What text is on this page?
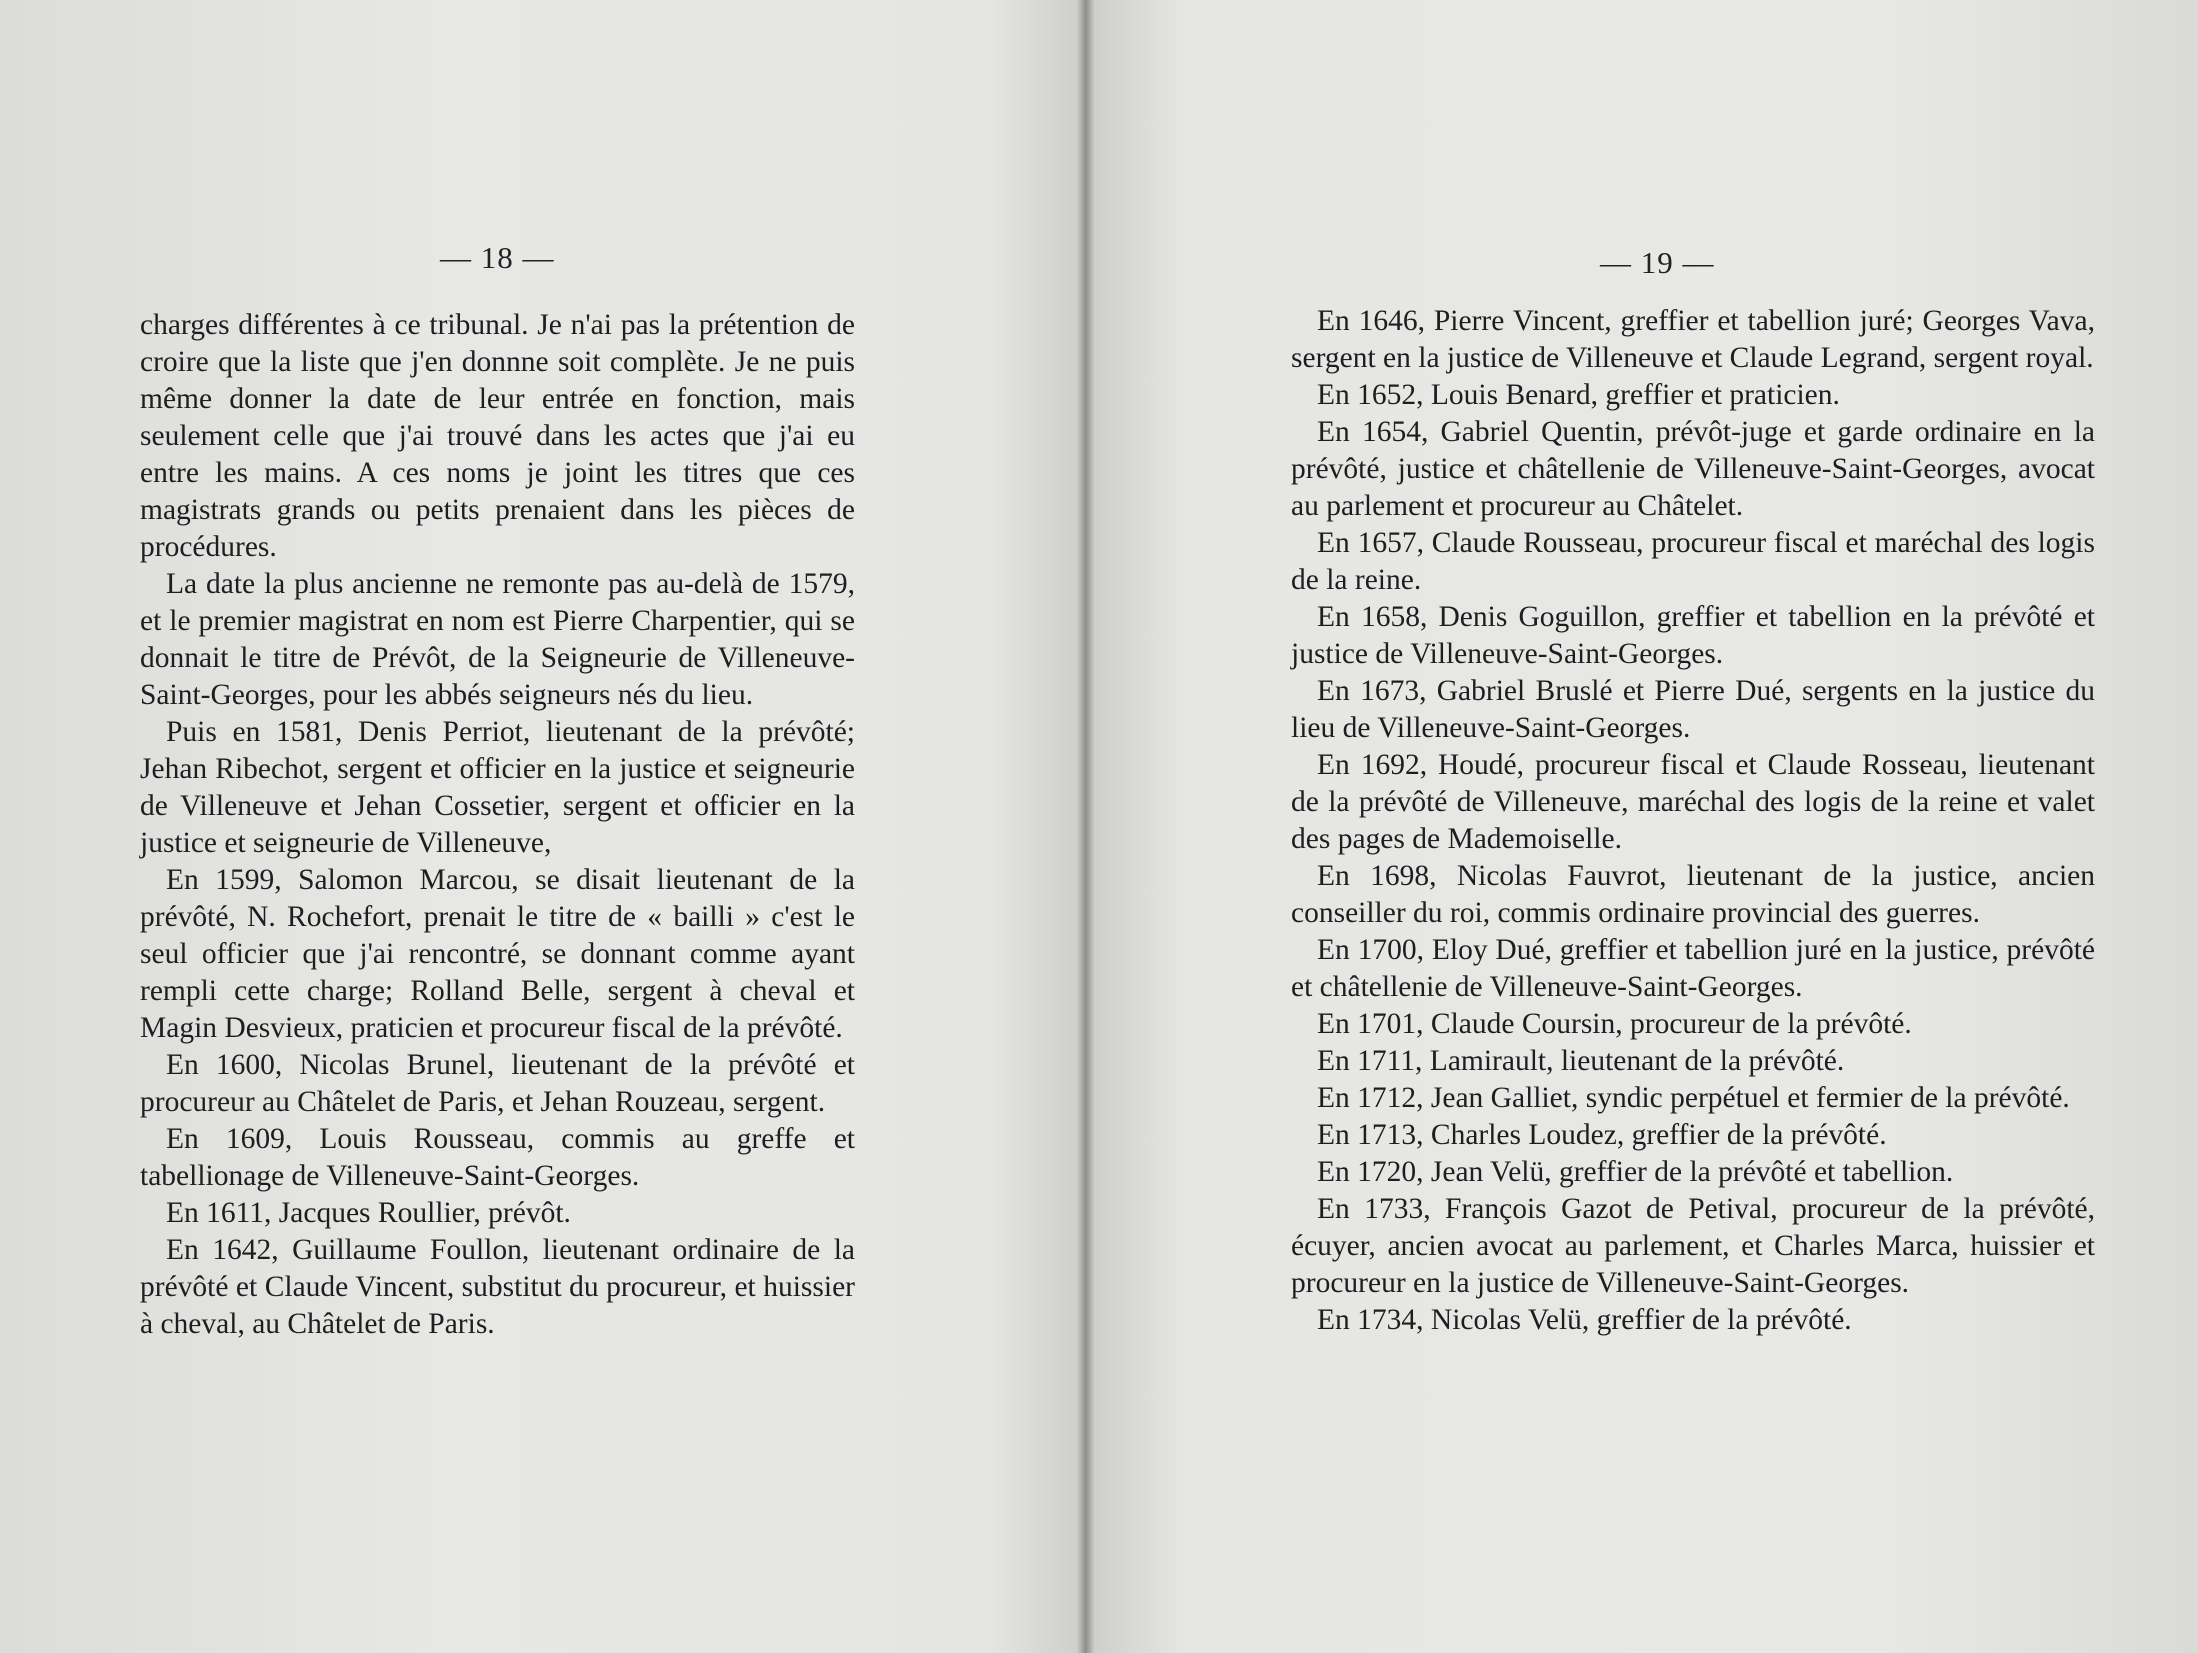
— 18 —

charges différentes à ce tribunal. Je n'ai pas la prétention de croire que la liste que j'en donnne soit complète. Je ne puis même donner la date de leur entrée en fonction, mais seulement celle que j'ai trouvé dans les actes que j'ai eu entre les mains. A ces noms je joint les titres que ces magistrats grands ou petits prenaient dans les pièces de procédures.

La date la plus ancienne ne remonte pas au-delà de 1579, et le premier magistrat en nom est Pierre Charpentier, qui se donnait le titre de Prévôt, de la Seigneurie de Villeneuve-Saint-Georges, pour les abbés seigneurs nés du lieu.

Puis en 1581, Denis Perriot, lieutenant de la prévôté; Jehan Ribechot, sergent et officier en la justice et seigneurie de Villeneuve et Jehan Cossetier, sergent et officier en la justice et seigneurie de Villeneuve,

En 1599, Salomon Marcou, se disait lieutenant de la prévôté, N. Rochefort, prenait le titre de « bailli » c'est le seul officier que j'ai rencontré, se donnant comme ayant rempli cette charge; Rolland Belle, sergent à cheval et Magin Desvieux, praticien et procureur fiscal de la prévôté.

En 1600, Nicolas Brunel, lieutenant de la prévôté et procureur au Châtelet de Paris, et Jehan Rouzeau, sergent.

En 1609, Louis Rousseau, commis au greffe et tabellionage de Villeneuve-Saint-Georges.

En 1611, Jacques Roullier, prévôt.

En 1642, Guillaume Foullon, lieutenant ordinaire de la prévôté et Claude Vincent, substitut du procureur, et huissier à cheval, au Châtelet de Paris.

— 19 —

En 1646, Pierre Vincent, greffier et tabellion juré; Georges Vava, sergent en la justice de Villeneuve et Claude Legrand, sergent royal.

En 1652, Louis Benard, greffier et praticien.

En 1654, Gabriel Quentin, prévôt-juge et garde ordinaire en la prévôté, justice et châtellenie de Villeneuve-Saint-Georges, avocat au parlement et procureur au Châtelet.

En 1657, Claude Rousseau, procureur fiscal et maréchal des logis de la reine.

En 1658, Denis Goguillon, greffier et tabellion en la prévôté et justice de Villeneuve-Saint-Georges.

En 1673, Gabriel Bruslé et Pierre Dué, sergents en la justice du lieu de Villeneuve-Saint-Georges.

En 1692, Houdé, procureur fiscal et Claude Rosseau, lieutenant de la prévôté de Villeneuve, maréchal des logis de la reine et valet des pages de Mademoiselle.

En 1698, Nicolas Fauvrot, lieutenant de la justice, ancien conseiller du roi, commis ordinaire provincial des guerres.

En 1700, Eloy Dué, greffier et tabellion juré en la justice, prévôté et châtellenie de Villeneuve-Saint-Georges.

En 1701, Claude Coursin, procureur de la prévôté.

En 1711, Lamirault, lieutenant de la prévôté.

En 1712, Jean Galliet, syndic perpétuel et fermier de la prévôté.

En 1713, Charles Loudez, greffier de la prévôté.

En 1720, Jean Velü, greffier de la prévôté et tabellion.

En 1733, François Gazot de Petival, procureur de la prévôté, écuyer, ancien avocat au parlement, et Charles Marca, huissier et procureur en la justice de Villeneuve-Saint-Georges.

En 1734, Nicolas Velü, greffier de la prévôté.
